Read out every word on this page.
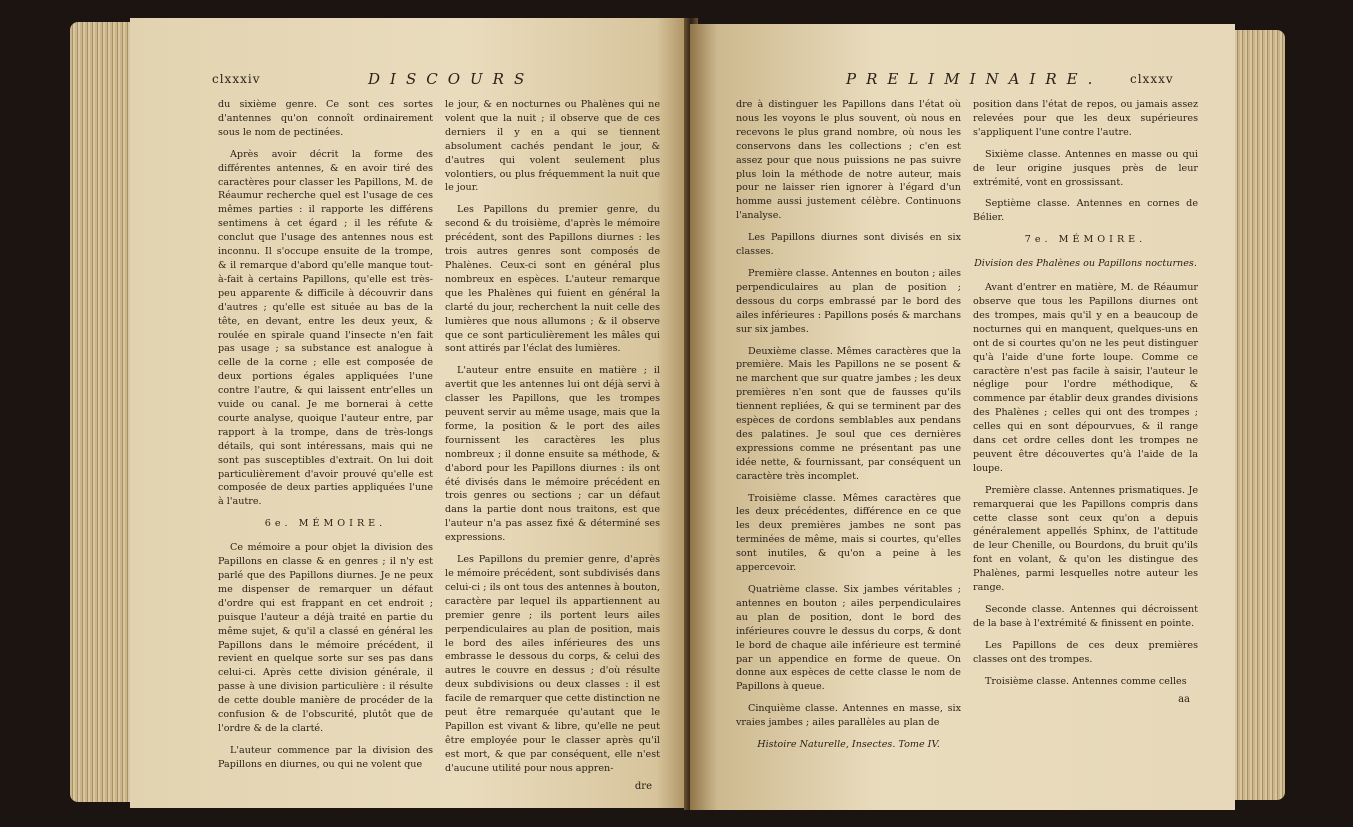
clxxxiv	DISCOURS

du sixième genre. Ce sont ces sortes d'antennes qu'on connoît ordinairement sous le nom de pectinées.

Après avoir décrit la forme des différentes antennes, & en avoir tiré des caractères pour classer les Papillons, M. de Réaumur recherche quel est l'usage de ces mêmes parties : il rapporte les différens sentimens à cet égard ; il les réfute & conclut que l'usage des antennes nous est inconnu. Il s'occupe ensuite de la trompe, & il remarque d'abord qu'elle manque tout-à-fait à certains Papillons, qu'elle est très-peu apparente & difficile à découvrir dans d'autres ; qu'elle est située au bas de la tête, en devant, entre les deux yeux, & roulée en spirale quand l'insecte n'en fait pas usage ; sa substance est analogue à celle de la corne ; elle est composée de deux portions égales appliquées l'une contre l'autre, & qui laissent entr'elles un vuide ou canal. Je me bornerai à cette courte analyse, quoique l'auteur entre, par rapport à la trompe, dans de très-longs détails, qui sont intéressans, mais qui ne sont pas susceptibles d'extrait. On lui doit particulièrement d'avoir prouvé qu'elle est composée de deux parties appliquées l'une à l'autre.

6e. MÉMOIRE.

Ce mémoire a pour objet la division des Papillons en classe & en genres ; il n'y est parlé que des Papillons diurnes. Je ne peux me dispenser de remarquer un défaut d'ordre qui est frappant en cet endroit ; puisque l'auteur a déjà traité en partie du même sujet, & qu'il a classé en général les Papillons dans le mémoire précédent, il revient en quelque sorte sur ses pas dans celui-ci. Après cette division générale, il passe à une division particulière : il résulte de cette double manière de procéder de la confusion & de l'obscurité, plutôt que de l'ordre & de la clarté.

L'auteur commence par la division des Papillons en diurnes, ou qui ne volent que

le jour, & en nocturnes ou Phalènes qui ne volent que la nuit ; il observe que de ces derniers il y en a qui se tiennent absolument cachés pendant le jour, & d'autres qui volent seulement plus volontiers, ou plus fréquemment la nuit que le jour.

Les Papillons du premier genre, du second & du troisième, d'après le mémoire précédent, sont des Papillons diurnes : les trois autres genres sont composés de Phalènes. Ceux-ci sont en général plus nombreux en espèces. L'auteur remarque que les Phalènes qui fuient en général la clarté du jour, recherchent la nuit celle des lumières que nous allumons ; & il observe que ce sont particulièrement les mâles qui sont attirés par l'éclat des lumières.

L'auteur entre ensuite en matière ; il avertit que les antennes lui ont déjà servi à classer les Papillons, que les trompes peuvent servir au même usage, mais que la forme, la position & le port des ailes fournissent les caractères les plus nombreux ; il donne ensuite sa méthode, & d'abord pour les Papillons diurnes : ils ont été divisés dans le mémoire précédent en trois genres ou sections ; car un défaut dans la partie dont nous traitons, est que l'auteur n'a pas assez fixé & déterminé ses expressions.

Les Papillons du premier genre, d'après le mémoire précédent, sont subdivisés dans celui-ci ; ils ont tous des antennes à bouton, caractère par lequel ils appartiennent au premier genre ; ils portent leurs ailes perpendiculaires au plan de position, mais le bord des ailes inférieures des uns embrasse le dessous du corps, & celui des autres le couvre en dessus ; d'où résulte deux subdivisions ou deux classes : il est facile de remarquer que cette distinction ne peut être remarquée qu'autant que le Papillon est vivant & libre, qu'elle ne peut être employée pour le classer après qu'il est mort, & que par conséquent, elle n'est d'aucune utilité pour nous appren-

dre
PRELIMINAIRE. clxxxv

dre à distinguer les Papillons dans l'état où nous les voyons le plus souvent, où nous en recevons le plus grand nombre, où nous les conservons dans les collections ; c'en est assez pour que nous puissions ne pas suivre plus loin la méthode de notre auteur, mais pour ne laisser rien ignorer à l'égard d'un homme aussi justement célèbre. Continuons l'analyse.

Les Papillons diurnes sont divisés en six classes.

Première classe. Antennes en bouton ; ailes perpendiculaires au plan de position ; dessous du corps embrassé par le bord des ailes inférieures : Papillons posés & marchans sur six jambes.

Deuxième classe. Mêmes caractères que la première. Mais les Papillons ne se posent & ne marchent que sur quatre jambes ; les deux premières n'en sont que de fausses qu'ils tiennent repliées, & qui se terminent par des espèces de cordons semblables aux pendans des palatines. Je soul que ces dernières expressions comme ne présentant pas une idée nette, & fournissant, par conséquent un caractère très incomplet.

Troisième classe. Mêmes caractères que les deux précédentes, différence en ce que les deux premières jambes ne sont pas terminées de même, mais si courtes, qu'elles sont inutiles, & qu'on a peine à les appercevoir.

Quatrième classe. Six jambes véritables ; antennes en bouton ; ailes perpendiculaires au plan de position, dont le bord des inférieures couvre le dessus du corps, & dont le bord de chaque aile inférieure est terminé par un appendice en forme de queue. On donne aux espèces de cette classe le nom de Papillons à queue.

Cinquième classe. Antennes en masse, six vraies jambes ; ailes parallèles au plan de

Histoire Naturelle, Insectes. Tome IV.

position dans l'état de repos, ou jamais assez relevées pour que les deux supérieures s'appliquent l'une contre l'autre.

Sixième classe. Antennes en masse ou qui de leur origine jusques près de leur extrémité, vont en grossissant.

Septième classe. Antennes en cornes de Bélier.

7e. MÉMOIRE.

Division des Phalènes ou Papillons nocturnes.

Avant d'entrer en matière, M. de Réaumur observe que tous les Papillons diurnes ont des trompes, mais qu'il y en a beaucoup de nocturnes qui en manquent, quelques-uns en ont de si courtes qu'on ne les peut distinguer qu'à l'aide d'une forte loupe. Comme ce caractère n'est pas facile à saisir, l'auteur le néglige pour l'ordre méthodique, & commence par établir deux grandes divisions des Phalènes ; celles qui ont des trompes ; celles qui en sont dépourvues, & il range dans cet ordre celles dont les trompes ne peuvent être découvertes qu'à l'aide de la loupe.

Première classe. Antennes prismatiques. Je remarquerai que les Papillons compris dans cette classe sont ceux qu'on a depuis généralement appellés Sphinx, de l'attitude de leur Chenille, ou Bourdons, du bruit qu'ils font en volant, & qu'on les distingue des Phalènes, parmi lesquelles notre auteur les range.

Seconde classe. Antennes qui décroissent de la base à l'extrémité & finissent en pointe.

Les Papillons de ces deux premières classes ont des trompes.

Troisième classe. Antennes comme celles

aa
